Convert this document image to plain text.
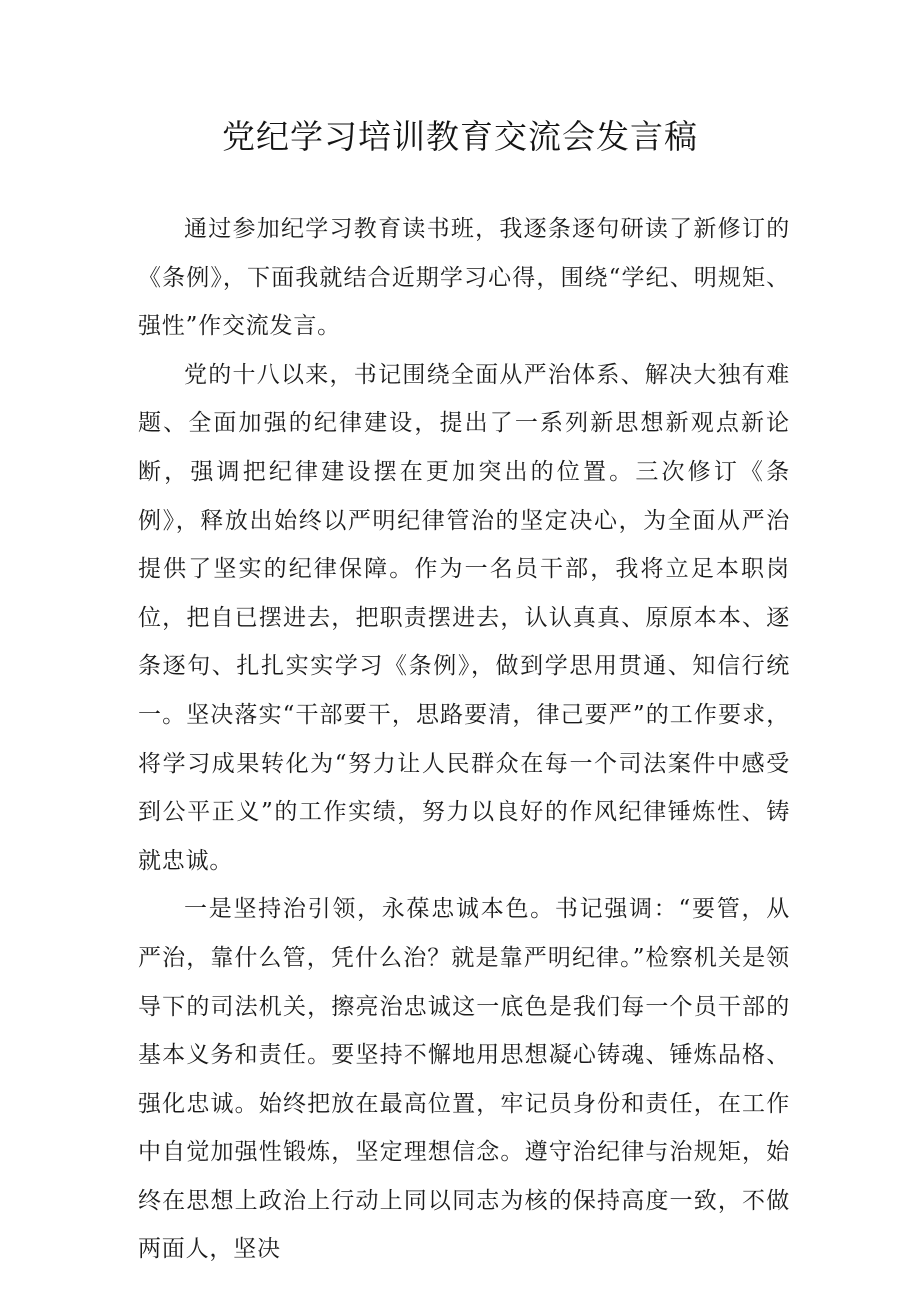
党纪学习培训教育交流会发言稿

通过参加纪学习教育读书班，我逐条逐句研读了新修订的《条例》，下面我就结合近期学习心得，围绕“学纪、明规矩、强性”作交流发言。

党的十八以来，书记围绕全面从严治体系、解决大独有难题、全面加强的纪律建设，提出了一系列新思想新观点新论断，强调把纪律建设摆在更加突出的位置。三次修订《条例》，释放出始终以严明纪律管治的坚定决心，为全面从严治提供了坚实的纪律保障。作为一名员干部，我将立足本职岗位，把自已摆进去，把职责摆进去，认认真真、原原本本、逐条逐句、扎扎实实学习《条例》，做到学思用贯通、知信行统一。坚决落实“干部要干，思路要清，律己要严”的工作要求，将学习成果转化为“努力让人民群众在每一个司法案件中感受到公平正义”的工作实绩，努力以良好的作风纪律锤炼性、铸就忠诚。

一是坚持治引领，永葆忠诚本色。书记强调：“要管，从严治，靠什么管，凭什么治？就是靠严明纪律。”检察机关是领导下的司法机关，擦亮治忠诚这一底色是我们每一个员干部的基本义务和责任。要坚持不懈地用思想凝心铸魂、锤炼品格、强化忠诚。始终把放在最高位置，牢记员身份和责任，在工作中自觉加强性锻炼，坚定理想信念。遵守治纪律与治规矩，始终在思想上政治上行动上同以同志为核的保持高度一致，不做两面人，坚决
